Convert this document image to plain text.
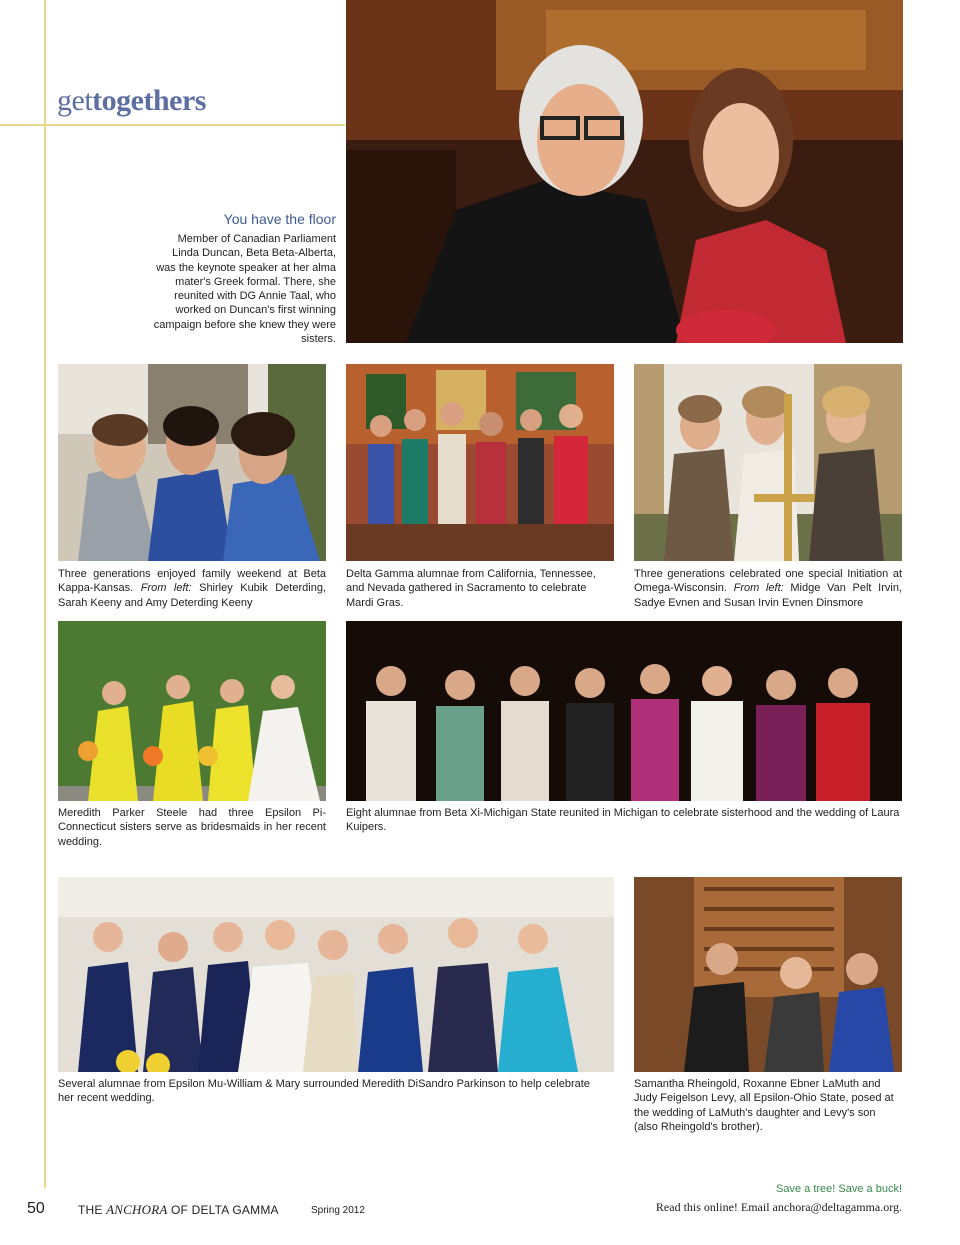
gettogethers
You have the floor
Member of Canadian Parliament Linda Duncan, Beta Beta-Alberta, was the keynote speaker at her alma mater's Greek formal. There, she reunited with DG Annie Taal, who worked on Duncan's first winning campaign before she knew they were sisters.
Three generations enjoyed family weekend at Beta Kappa-Kansas. From left: Shirley Kubik Deterding, Sarah Keeny and Amy Deterding Keeny
Delta Gamma alumnae from California, Tennessee, and Nevada gathered in Sacramento to celebrate Mardi Gras.
Three generations celebrated one special Initiation at Omega-Wisconsin. From left: Midge Van Pelt Irvin, Sadye Evnen and Susan Irvin Evnen Dinsmore
Meredith Parker Steele had three Epsilon Pi-Connecticut sisters serve as bridesmaids in her recent wedding.
Eight alumnae from Beta Xi-Michigan State reunited in Michigan to celebrate sisterhood and the wedding of Laura Kuipers.
Several alumnae from Epsilon Mu-William & Mary surrounded Meredith DiSandro Parkinson to help celebrate her recent wedding.
Samantha Rheingold, Roxanne Ebner LaMuth and Judy Feigelson Levy, all Epsilon-Ohio State, posed at the wedding of LaMuth's daughter and Levy's son (also Rheingold's brother).
50	THE ANCHORA OF DELTA GAMMA	Spring 2012
Save a tree! Save a buck!
Read this online! Email anchora@deltagamma.org.
